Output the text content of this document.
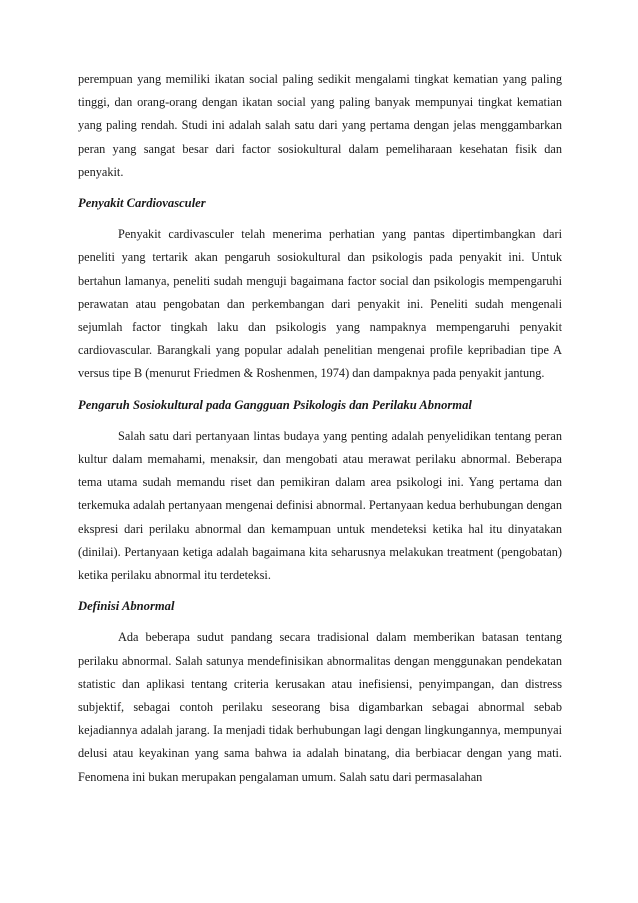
perempuan yang memiliki ikatan social paling sedikit mengalami tingkat kematian yang paling tinggi, dan orang-orang dengan ikatan social yang paling banyak mempunyai tingkat kematian yang paling rendah. Studi ini adalah salah satu dari yang pertama dengan jelas menggambarkan peran yang sangat besar dari factor sosiokultural dalam pemeliharaan kesehatan fisik dan penyakit.

Penyakit Cardiovasculer

Penyakit cardivasculer telah menerima perhatian yang pantas dipertimbangkan dari peneliti yang tertarik akan pengaruh sosiokultural dan psikologis pada penyakit ini. Untuk bertahun lamanya, peneliti sudah menguji bagaimana factor social dan psikologis mempengaruhi perawatan atau pengobatan dan perkembangan dari penyakit ini. Peneliti sudah mengenali sejumlah factor tingkah laku dan psikologis yang nampaknya mempengaruhi penyakit cardiovascular. Barangkali yang popular adalah penelitian mengenai profile kepribadian tipe A versus tipe B (menurut Friedmen & Roshenmen, 1974) dan dampaknya pada penyakit jantung.

Pengaruh Sosiokultural pada Gangguan Psikologis dan Perilaku Abnormal

Salah satu dari pertanyaan lintas budaya yang penting adalah penyelidikan tentang peran kultur dalam memahami, menaksir, dan mengobati atau merawat perilaku abnormal. Beberapa tema utama sudah memandu riset dan pemikiran dalam area psikologi ini. Yang pertama dan terkemuka adalah pertanyaan mengenai definisi abnormal. Pertanyaan kedua berhubungan dengan ekspresi dari perilaku abnormal dan kemampuan untuk mendeteksi ketika hal itu dinyatakan (dinilai). Pertanyaan ketiga adalah bagaimana kita seharusnya melakukan treatment (pengobatan) ketika perilaku abnormal itu terdeteksi.

Definisi Abnormal

Ada beberapa sudut pandang secara tradisional dalam memberikan batasan tentang perilaku abnormal. Salah satunya mendefinisikan abnormalitas dengan menggunakan pendekatan statistic dan aplikasi tentang criteria kerusakan atau inefisiensi, penyimpangan, dan distress subjektif, sebagai contoh perilaku seseorang bisa digambarkan sebagai abnormal sebab kejadiannya adalah jarang. Ia menjadi tidak berhubungan lagi dengan lingkungannya, mempunyai delusi atau keyakinan yang sama bahwa ia adalah binatang, dia berbiacar dengan yang mati. Fenomena ini bukan merupakan pengalaman umum. Salah satu dari permasalahan
